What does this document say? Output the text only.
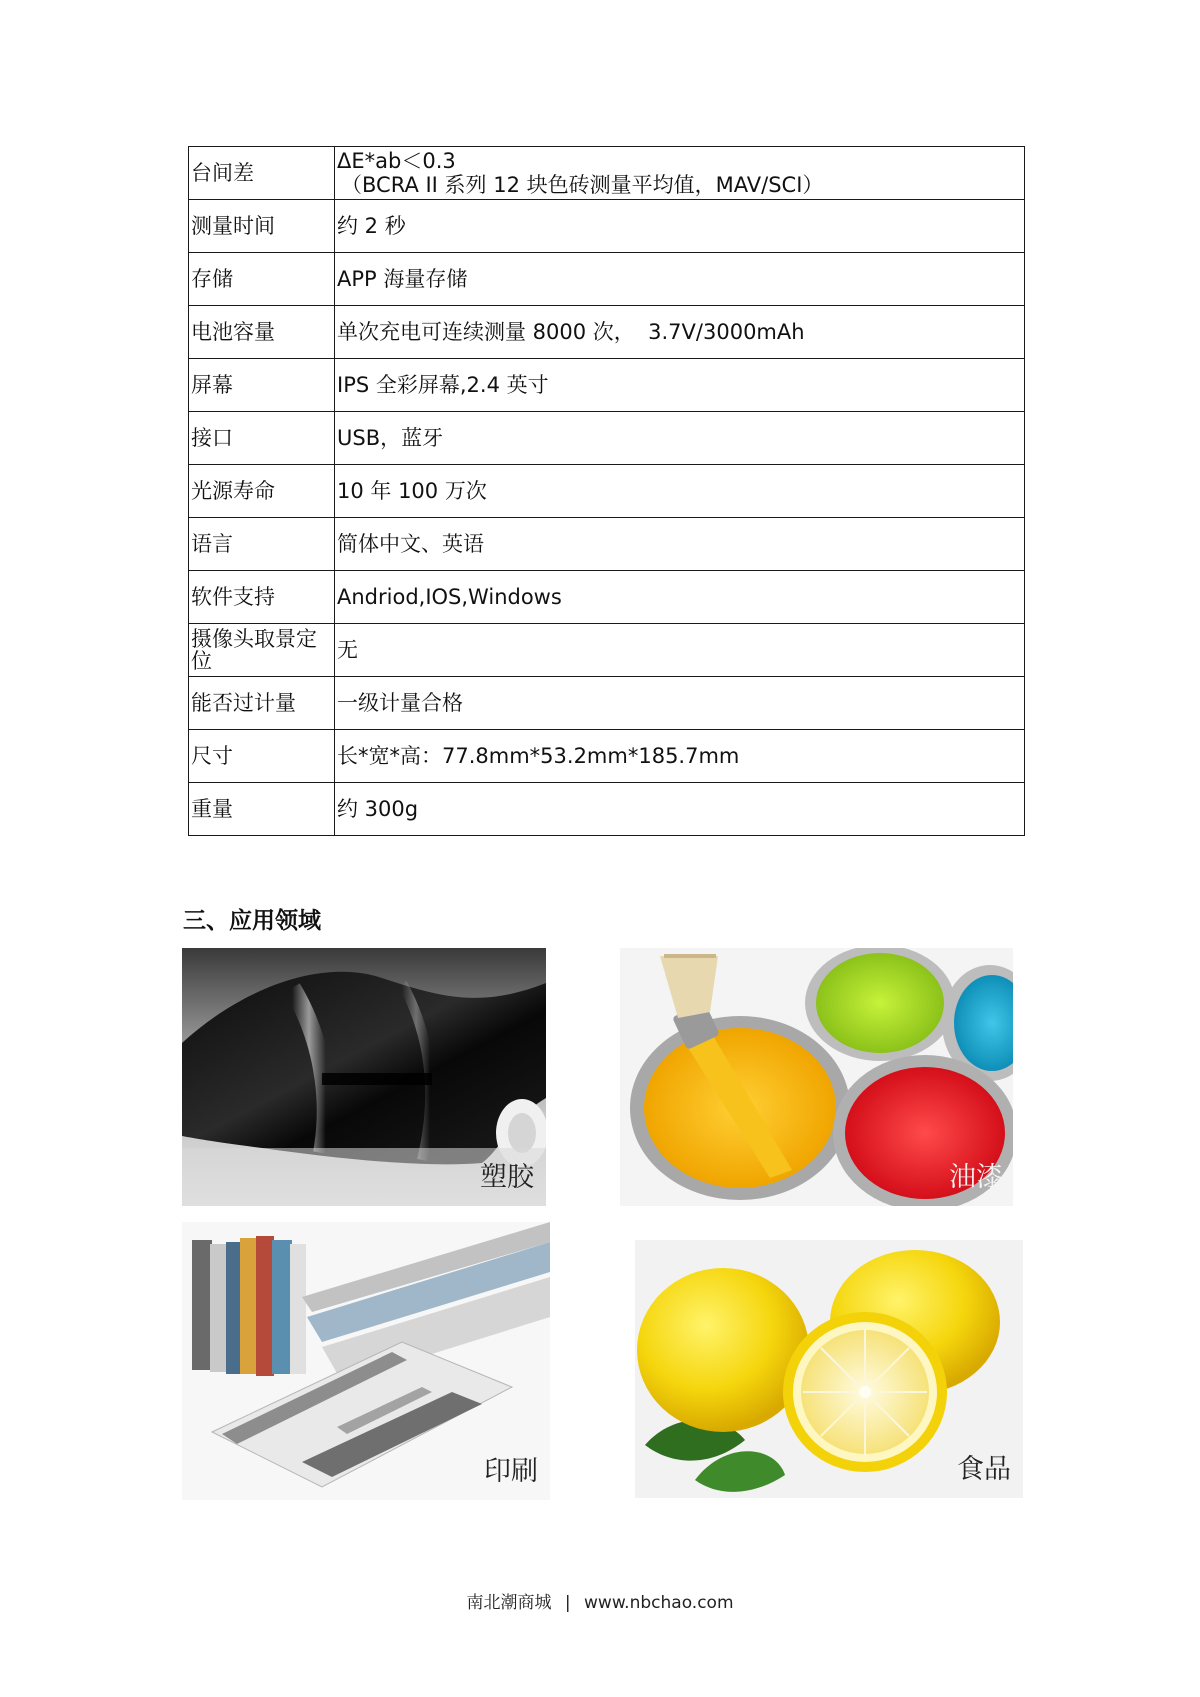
台间差	ΔE*ab＜0.3
（BCRA II 系列 12 块色砖测量平均值，MAV/SCI）

测量时间	约 2 秒
存储	APP 海量存储
电池容量	单次充电可连续测量 8000 次，  3.7V/3000mAh
屏幕	IPS 全彩屏幕,2.4 英寸
接口	USB，蓝牙
光源寿命	10 年 100 万次
语言	简体中文、英语
软件支持	Andriod,IOS,Windows
摄像头取景定位	无
能否过计量	一级计量合格
尺寸	长*宽*高：77.8mm*53.2mm*185.7mm
重量	约 300g
三、应用领域
塑胶	油漆
印刷	食品
南北潮商城 | www.nbchao.com
